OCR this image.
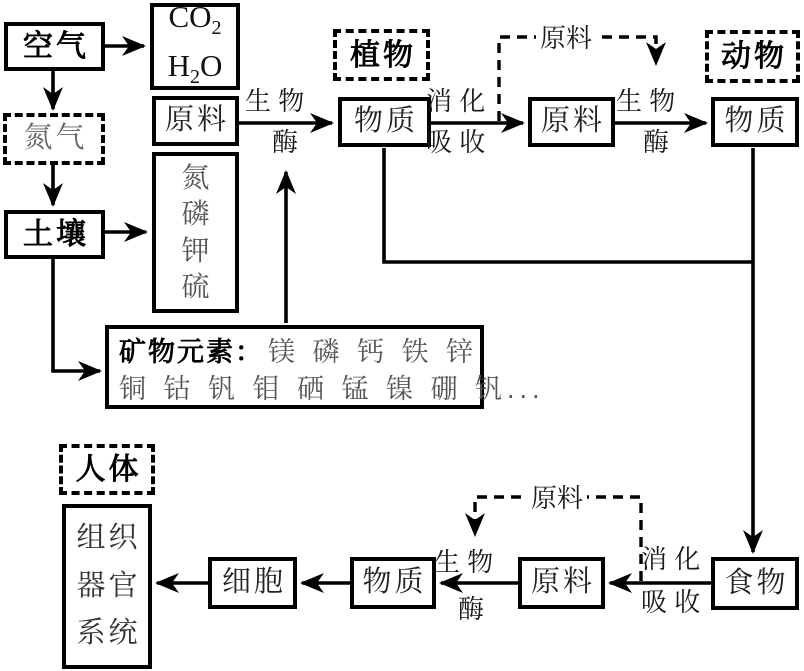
空气
$CO_2$
$H_2O$
氮气
土壤
原料
氮
磷
钾
硫
植物
物质	原料
动物
物质
矿物元素： 镁 磷 钙 铁 锌
铜 钴 钒 钼 硒 锰 镍 硼 钒...
人体
组织
器官
系统
细胞	物质	原料	食物
生 物
酶
消 化
吸 收
生 物
酶
原料
消 化
吸 收
生 物
酶
原料
